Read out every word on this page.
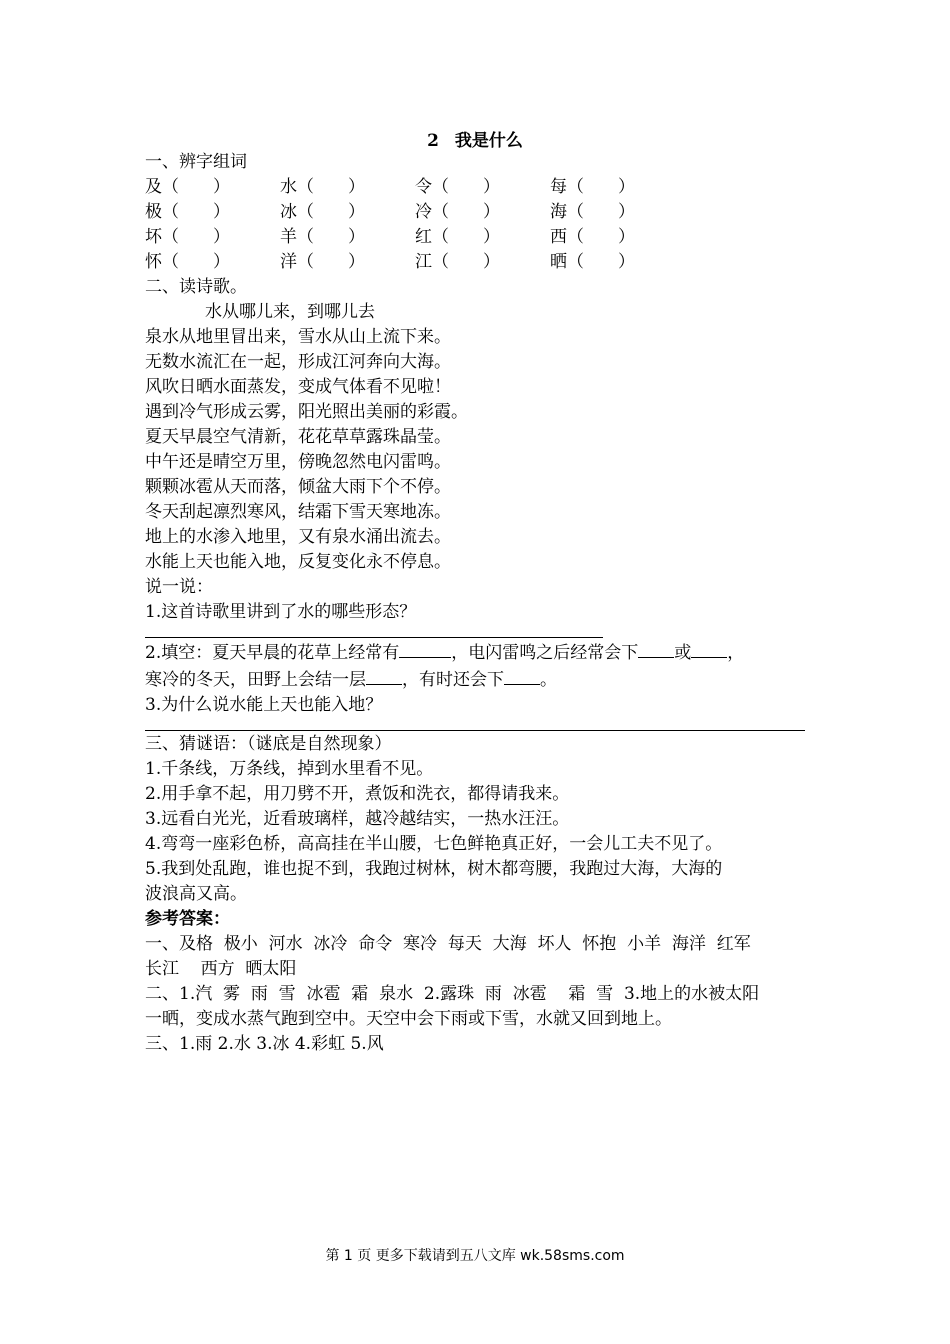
2 我是什么
一、辨字组词
及（　　）	水（　　）	令（　　）	每（　　）
极（　　）	冰（　　）	冷（　　）	海（　　）
坏（　　）	羊（　　）	红（　　）	西（　　）
怀（　　）	洋（　　）	江（　　）	晒（　　）
二、读诗歌。
水从哪儿来，到哪儿去
泉水从地里冒出来，雪水从山上流下来。
无数水流汇在一起，形成江河奔向大海。
风吹日晒水面蒸发，变成气体看不见啦！
遇到冷气形成云雾，阳光照出美丽的彩霞。
夏天早晨空气清新，花花草草露珠晶莹。
中午还是晴空万里，傍晚忽然电闪雷鸣。
颗颗冰雹从天而落，倾盆大雨下个不停。
冬天刮起凛烈寒风，结霜下雪天寒地冻。
地上的水渗入地里，又有泉水涌出流去。
水能上天也能入地，反复变化永不停息。
说一说：
1.这首诗歌里讲到了水的哪些形态？
2.填空：夏天早晨的花草上经常有	，电闪雷鸣之后经常会下 或 ，
寒冷的冬天，田野上会结一层 ，有时还会下 。
3.为什么说水能上天也能入地？
三、猜谜语：（谜底是自然现象）
1.千条线，万条线，掉到水里看不见。
2.用手拿不起，用刀劈不开，煮饭和洗衣，都得请我来。
3.远看白光光，近看玻璃样，越冷越结实，一热水汪汪。
4.弯弯一座彩色桥，高高挂在半山腰，七色鲜艳真正好，一会儿工夫不见了。
5.我到处乱跑，谁也捉不到，我跑过树林，树木都弯腰，我跑过大海，大海的
波浪高又高。
参考答案：
一、及格  极小  河水  冰冷  命令  寒冷  每天  大海  坏人  怀抱  小羊  海洋  红军
长江    西方  晒太阳
二、1.汽  雾  雨  雪  冰雹  霜  泉水  2.露珠  雨  冰雹    霜  雪  3.地上的水被太阳
一晒，变成水蒸气跑到空中。天空中会下雨或下雪，水就又回到地上。
三、1.雨 2.水 3.冰 4.彩虹 5.风
第 1 页 更多下载请到五八文库 wk.58sms.com
